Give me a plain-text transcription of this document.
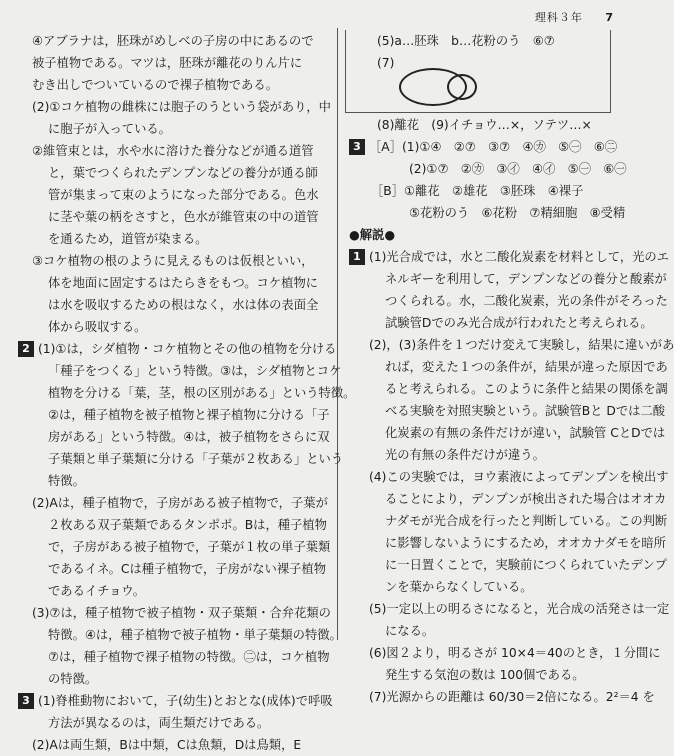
理科３年 7
④アブラナは，胚珠がめしべの子房の中にあるので
被子植物である。マツは，胚珠が離花のりん片に
むき出しでついているので裸子植物である。
(2)①コケ植物の雌株には胞子のうという袋があり，中
に胞子が入っている。
②維管束とは，水や水に溶けた養分などが通る道管
と，葉でつくられたデンプンなどの養分が通る師
管が集まって束のようになった部分である。色水
に茎や葉の柄をさすと，色水が維管束の中の道管
を通るため，道管が染まる。
③コケ植物の根のように見えるものは仮根といい，
体を地面に固定するはたらきをもつ。コケ植物に
は水を吸収するための根はなく，水は体の表面全
体から吸収する。
2 (1)①は，シダ植物・コケ植物とその他の植物を分ける
「種子をつくる」という特徴。③は，シダ植物とコケ
植物を分ける「葉，茎，根の区別がある」という特徴。
②は，種子植物を被子植物と裸子植物に分ける「子
房がある」という特徴。④は，被子植物をさらに双
子葉類と単子葉類に分ける「子葉が２枚ある」という
特徴。
(2)Aは，種子植物で，子房がある被子植物で，子葉が
２枚ある双子葉類であるタンポポ。Bは，種子植物
で，子房がある被子植物で，子葉が１枚の単子葉類
であるイネ。Cは種子植物で，子房がない裸子植物
であるイチョウ。
(3)⑦は，種子植物で被子植物・双子葉類・合弁花類の
特徴。④は，種子植物で被子植物・単子葉類の特徴。
⑦は，種子植物で裸子植物の特徴。㊁は，コケ植物
の特徴。
3 (1)脊椎動物において，子(幼生)とおとな(成体)で呼吸
方法が異なるのは，両生類だけである。
(2)Aは両生類，Bは中類，Cは魚類，Dは鳥類，E
(5)a…胚珠　b…花粉のう　⑥⑦
(7)
(8)離花　(9)イチョウ…×，ソテツ…×
3 ［A］(1)①④　②⑦　③⑦　④㋕　⑤㊀　⑥㊁
(2)①⑦　②㋕　③㋑　④㋑　⑤㊀　⑥㊀
［B］①離花　②雄花　③胚珠　④裸子
⑤花粉のう　⑥花粉　⑦精細胞　⑧受精
●解説●
1 (1)光合成では，水と二酸化炭素を材料として，光のエ
ネルギーを利用して，デンプンなどの養分と酸素が
つくられる。水，二酸化炭素，光の条件がそろった
試験管Dでのみ光合成が行われたと考えられる。
(2)，(3)条件を１つだけ変えて実験し，結果に違いがあ
れば，変えた１つの条件が，結果が違った原因であ
ると考えられる。このように条件と結果の関係を調
べる実験を対照実験という。試験管Bと Dでは二酸
化炭素の有無の条件だけが違い，試験管 CとDでは
光の有無の条件だけが違う。
(4)この実験では，ヨウ素液によってデンプンを検出す
ることにより，デンプンが検出された場合はオオカ
ナダモが光合成を行ったと判断している。この判断
に影響しないようにするため，オオカナダモを暗所
に一日置くことで，実験前につくられていたデンプ
ンを葉からなくしている。
(5)一定以上の明るさになると，光合成の活発さは一定
になる。
(6)図２より，明るさが 10×4＝40のとき，１分間に
発生する気泡の数は 100個である。
(7)光源からの距離は 60/30＝2倍になる。2²＝4 を
